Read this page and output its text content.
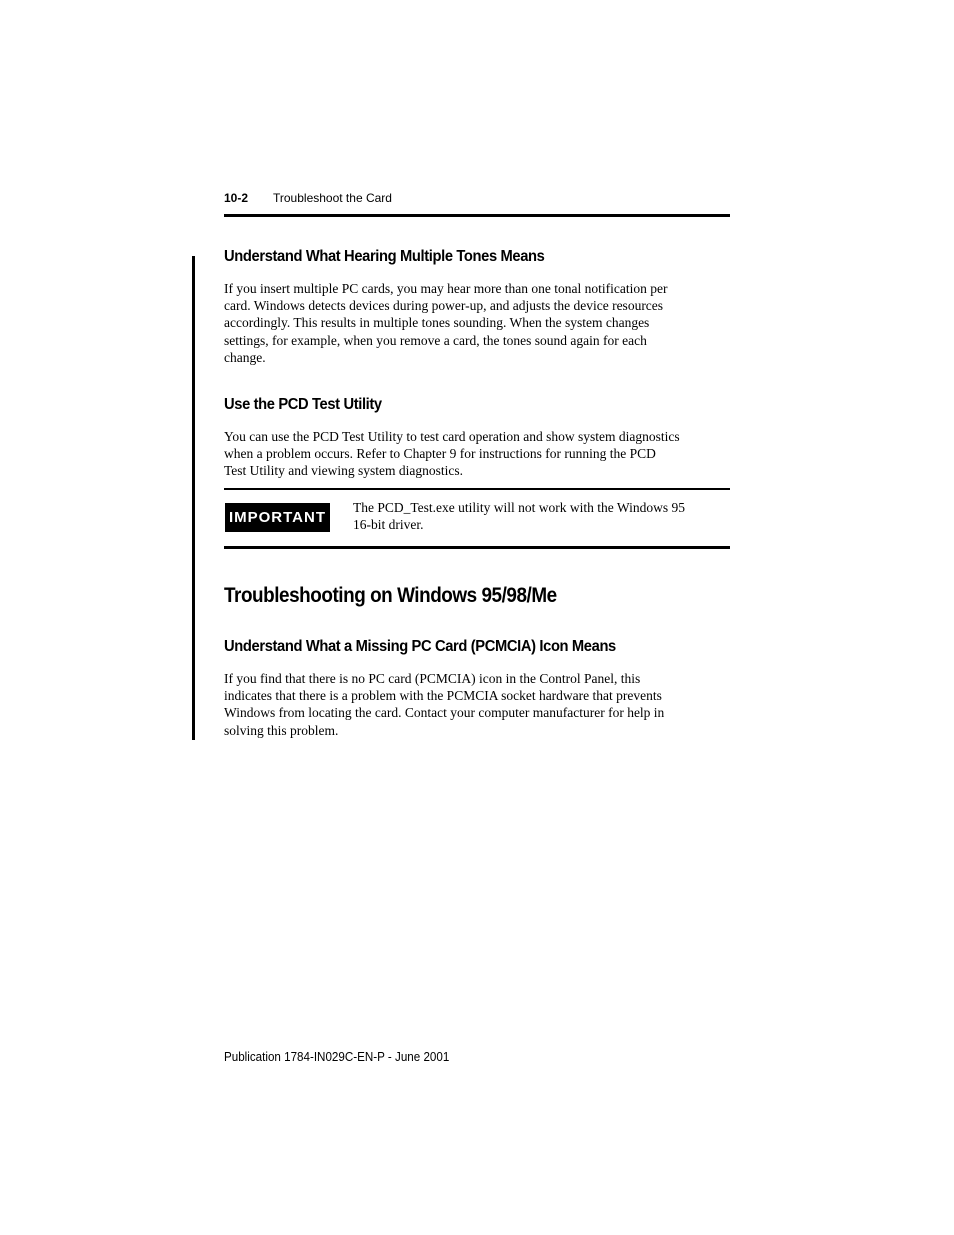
10-2 Troubleshoot the Card
Understand What Hearing Multiple Tones Means
If you insert multiple PC cards, you may hear more than one tonal notification per
card. Windows detects devices during power-up, and adjusts the device resources
accordingly. This results in multiple tones sounding. When the system changes
settings, for example, when you remove a card, the tones sound again for each
change.
Use the PCD Test Utility
You can use the PCD Test Utility to test card operation and show system diagnostics
when a problem occurs. Refer to Chapter 9 for instructions for running the PCD
Test Utility and viewing system diagnostics.
IMPORTANT
The PCD_Test.exe utility will not work with the Windows 95
16-bit driver.
Troubleshooting on Windows 95/98/Me
Understand What a Missing PC Card (PCMCIA) Icon Means
If you find that there is no PC card (PCMCIA) icon in the Control Panel, this
indicates that there is a problem with the PCMCIA socket hardware that prevents
Windows from locating the card. Contact your computer manufacturer for help in
solving this problem.
Publication 1784-IN029C-EN-P - June 2001
